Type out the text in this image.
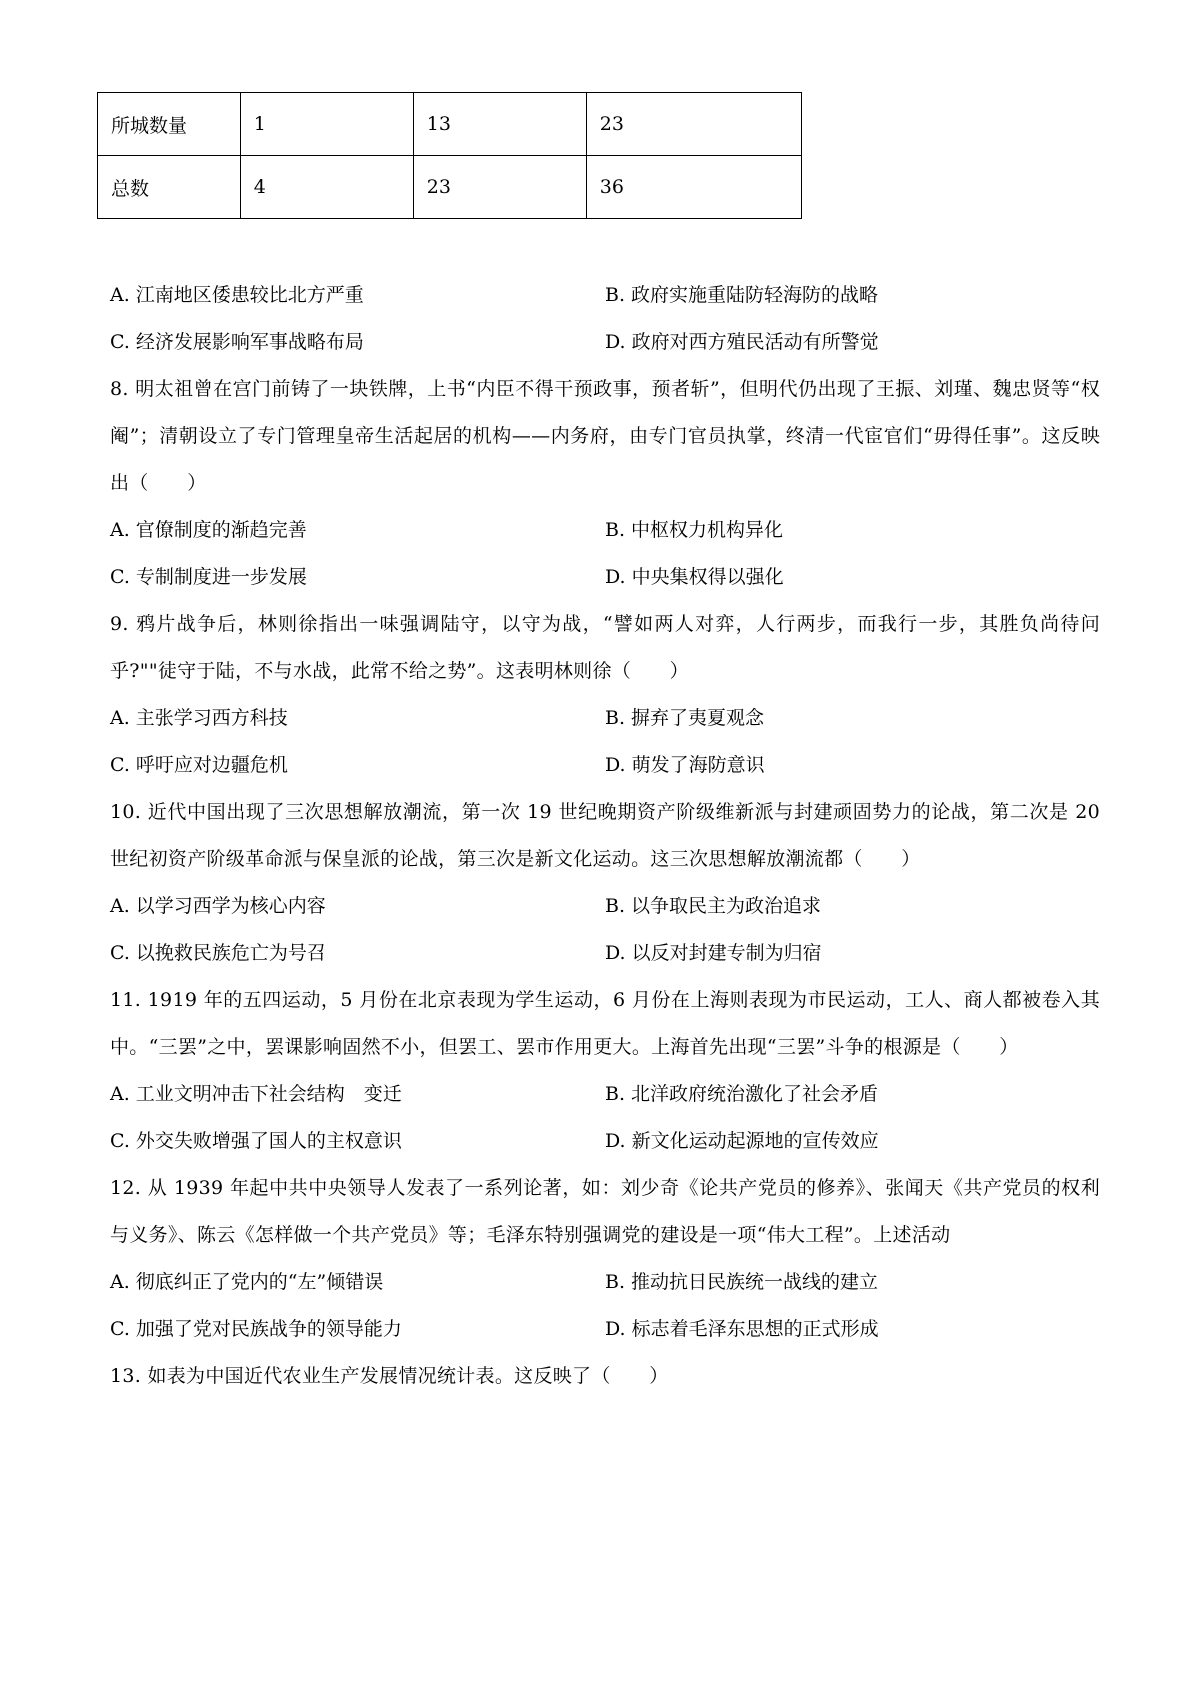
所城数量	1	13	23
总数	4	23	36
A. 江南地区倭患较比北方严重	B. 政府实施重陆防轻海防的战略
C. 经济发展影响军事战略布局	D. 政府对西方殖民活动有所警觉
8. 明太祖曾在宫门前铸了一块铁牌，上书“内臣不得干预政事，预者斩”，但明代仍出现了王振、刘瑾、魏忠贤等“权阉”；清朝设立了专门管理皇帝生活起居的机构——内务府，由专门官员执掌，终清一代宦官们“毋得任事”。这反映出（　　）
A. 官僚制度的渐趋完善	B. 中枢权力机构异化
C. 专制制度进一步发展	D. 中央集权得以强化
9. 鸦片战争后，林则徐指出一味强调陆守，以守为战，“譬如两人对弈，人行两步，而我行一步，其胜负尚待问乎?""徒守于陆，不与水战，此常不给之势”。这表明林则徐（　　）
A. 主张学习西方科技	B. 摒弃了夷夏观念
C. 呼吁应对边疆危机	D. 萌发了海防意识
10. 近代中国出现了三次思想解放潮流，第一次 19 世纪晚期资产阶级维新派与封建顽固势力的论战，第二次是 20 世纪初资产阶级革命派与保皇派的论战，第三次是新文化运动。这三次思想解放潮流都（　　）
A. 以学习西学为核心内容	B. 以争取民主为政治追求
C. 以挽救民族危亡为号召	D. 以反对封建专制为归宿
11. 1919 年的五四运动，5 月份在北京表现为学生运动，6 月份在上海则表现为市民运动，工人、商人都被卷入其中。“三罢”之中，罢课影响固然不小，但罢工、罢市作用更大。上海首先出现“三罢”斗争的根源是（　　）
A. 工业文明冲击下社会结构　变迁	B. 北洋政府统治激化了社会矛盾
C. 外交失败增强了国人的主权意识	D. 新文化运动起源地的宣传效应
12. 从 1939 年起中共中央领导人发表了一系列论著，如：刘少奇《论共产党员的修养》、张闻天《共产党员的权利与义务》、陈云《怎样做一个共产党员》等；毛泽东特别强调党的建设是一项“伟大工程”。上述活动
A. 彻底纠正了党内的“左”倾错误	B. 推动抗日民族统一战线的建立
C. 加强了党对民族战争的领导能力	D. 标志着毛泽东思想的正式形成
13. 如表为中国近代农业生产发展情况统计表。这反映了（　　）
